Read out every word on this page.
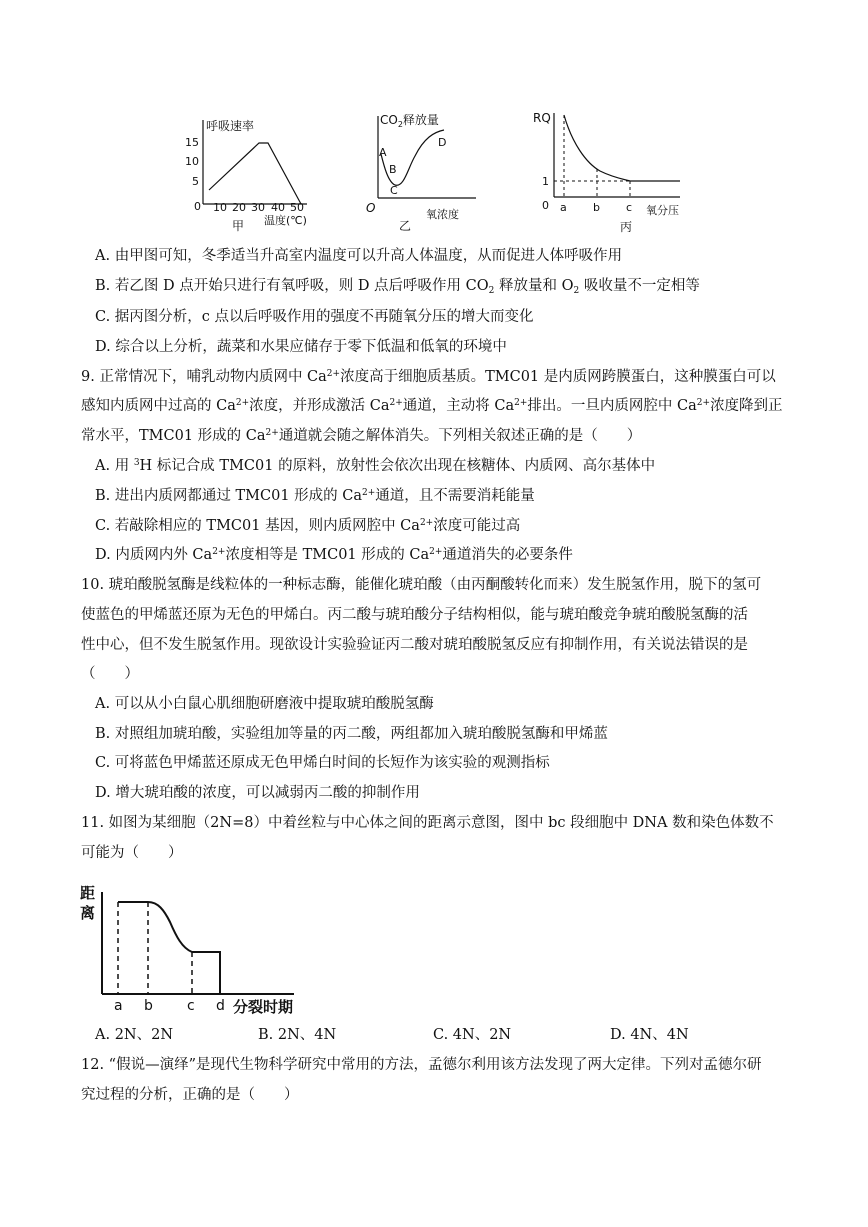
呼吸速率
15
10
5
0 10 20 30 40 50
温度(℃)
甲
$CO_2$释放量
A
B
C
D
O	氧浓度
乙
RQ
1
0 a b c 氧分压
丙
A. 由甲图可知，冬季适当升高室内温度可以升高人体温度，从而促进人体呼吸作用
B. 若乙图 D 点开始只进行有氧呼吸，则 D 点后呼吸作用 $CO_2$ 释放量和 $O_2$ 吸收量不一定相等
C. 据丙图分析，c 点以后呼吸作用的强度不再随氧分压的增大而变化
D. 综合以上分析，蔬菜和水果应储存于零下低温和低氧的环境中
9. 正常情况下，哺乳动物内质网中 $Ca^{2+}$浓度高于细胞质基质。TMC01 是内质网跨膜蛋白，这种膜蛋白可以
感知内质网中过高的 $Ca^{2+}$浓度，并形成激活 $Ca^{2+}$通道，主动将 $Ca^{2+}$排出。一旦内质网腔中 $Ca^{2+}$浓度降到正
常水平，TMC01 形成的 $Ca^{2+}$通道就会随之解体消失。下列相关叙述正确的是（　　）
A. 用 $^3$H 标记合成 TMC01 的原料，放射性会依次出现在核糖体、内质网、高尔基体中
B. 进出内质网都通过 TMC01 形成的 $Ca^{2+}$通道，且不需要消耗能量
C. 若敲除相应的 TMC01 基因，则内质网腔中 $Ca^{2+}$浓度可能过高
D. 内质网内外 $Ca^{2+}$浓度相等是 TMC01 形成的 $Ca^{2+}$通道消失的必要条件
10. 琥珀酸脱氢酶是线粒体的一种标志酶，能催化琥珀酸（由丙酮酸转化而来）发生脱氢作用，脱下的氢可
使蓝色的甲烯蓝还原为无色的甲烯白。丙二酸与琥珀酸分子结构相似，能与琥珀酸竞争琥珀酸脱氢酶的活
性中心，但不发生脱氢作用。现欲设计实验验证丙二酸对琥珀酸脱氢反应有抑制作用，有关说法错误的是
（　　）
A. 可以从小白鼠心肌细胞研磨液中提取琥珀酸脱氢酶
B. 对照组加琥珀酸，实验组加等量的丙二酸，两组都加入琥珀酸脱氢酶和甲烯蓝
C. 可将蓝色甲烯蓝还原成无色甲烯白时间的长短作为该实验的观测指标
D. 增大琥珀酸的浓度，可以减弱丙二酸的抑制作用
11. 如图为某细胞（2N=8）中着丝粒与中心体之间的距离示意图，图中 bc 段细胞中 DNA 数和染色体数不
可能为（　　）
距
离
a b c d 分裂时期
A. 2N、2N	B. 2N、4N	C. 4N、2N	D. 4N、4N
12. “假说—演绎”是现代生物科学研究中常用的方法，孟德尔利用该方法发现了两大定律。下列对孟德尔研
究过程的分析，正确的是（　　）
